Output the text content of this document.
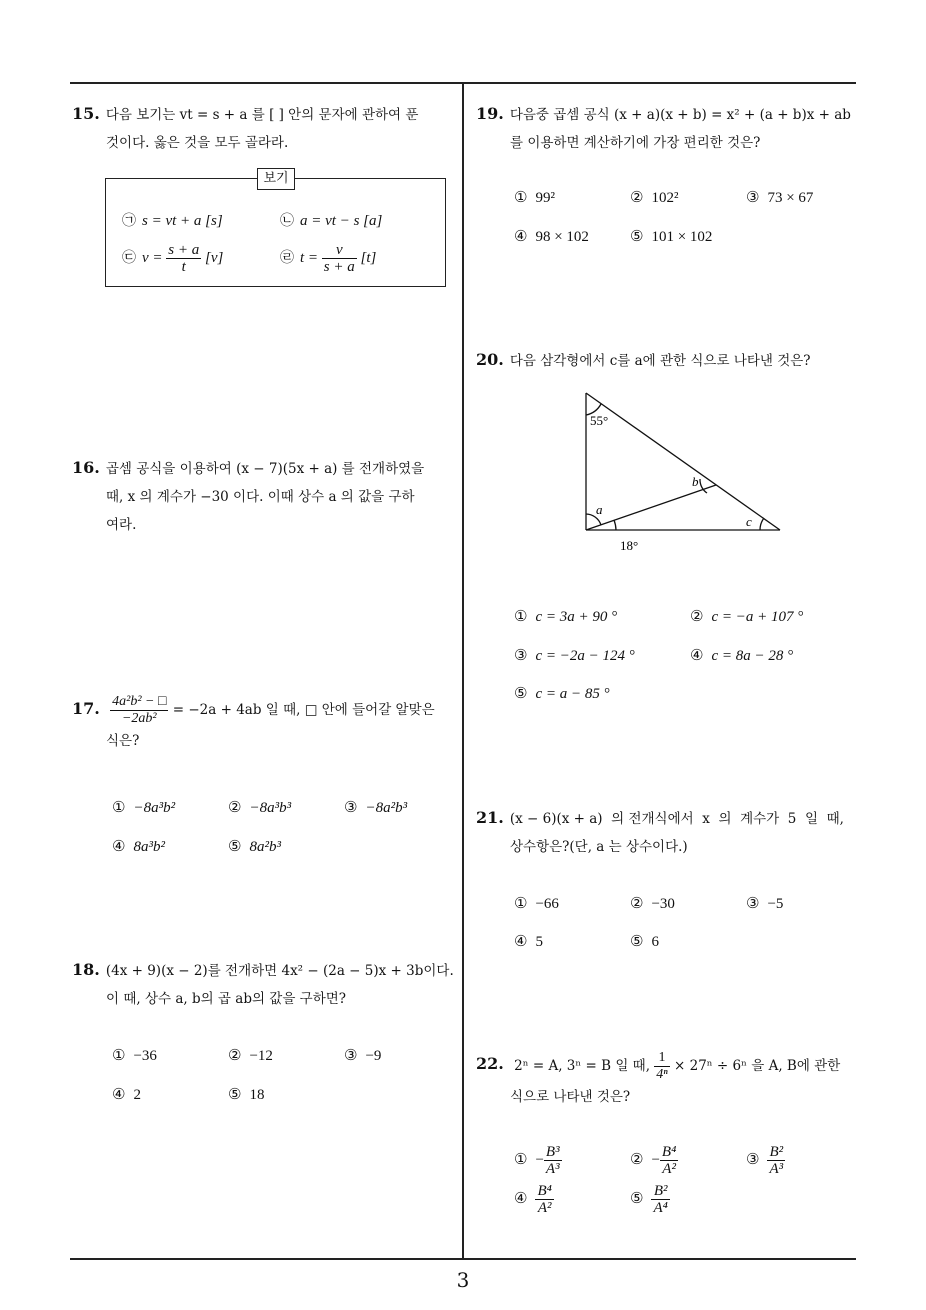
15. 다음 보기는 vt = s + a 를 [ ] 안의 문자에 관하여 푼
것이다. 옳은 것을 모두 골라라.
보기
㉠ s = vt + a [s]	㉡ a = vt − s [a]
㉢ $v = \frac{s + a}{t} [v]$	㉣ $t = \frac{v}{s + a} [t]$
16. 곱셈 공식을 이용하여 (x − 7)(5x + a) 를 전개하였을
때, x 의 계수가 −30 이다. 이때 상수 a 의 값을 구하
여라.
17. $\frac{\text{4a²b² − □}}{\text{−2ab²}} = -2a + 4ab$ 일 때, □ 안에 들어갈 알맞은
식은?
① −8a³b²	② −8a³b³	③ −8a²b³
④ 8a³b²	⑤ 8a²b³
18. (4x + 9)(x − 2)를 전개하면 4x² − (2a − 5)x + 3b이다.
이 때, 상수 a, b의 곱 ab의 값을 구하면?
① −36	② −12	③ −9
④ 2	⑤ 18
19. 다음중 곱셈 공식 (x + a)(x + b) = x² + (a + b)x + ab
를 이용하면 계산하기에 가장 편리한 것은?
① 99²	② 102²	③ 73 × 67
④ 98 × 102	⑤ 101 × 102
20. 다음 삼각형에서 c를 a에 관한 식으로 나타낸 것은?
55°
a
b
c
18°
① c = 3a + 90 °	② c = −a + 107 °
③ c = −2a − 124 °	④ c = 8a − 28 °
⑤ c = a − 85 °
21. (x − 6)(x + a)  의 전개식에서  x  의  계수가  5  일  때,
상수항은?(단, a 는 상수이다.)
① −66	② −30	③ −5
④ 5	⑤ 6
22. 2ⁿ = A, 3ⁿ = B 일 때, $\frac{1}{\text{4ⁿ}} \times 27^n \div 6^n$ 을 A, B에 관한
식으로 나타낸 것은?
① − $\frac{\text{B³}}{\text{A³}}$	② − $\frac{\text{B⁴}}{\text{A²}}$	③ $\frac{\text{B²}}{\text{A³}}$
④ $\frac{\text{B⁴}}{\text{A²}}$	⑤ $\frac{\text{B²}}{\text{A⁴}}$
3
